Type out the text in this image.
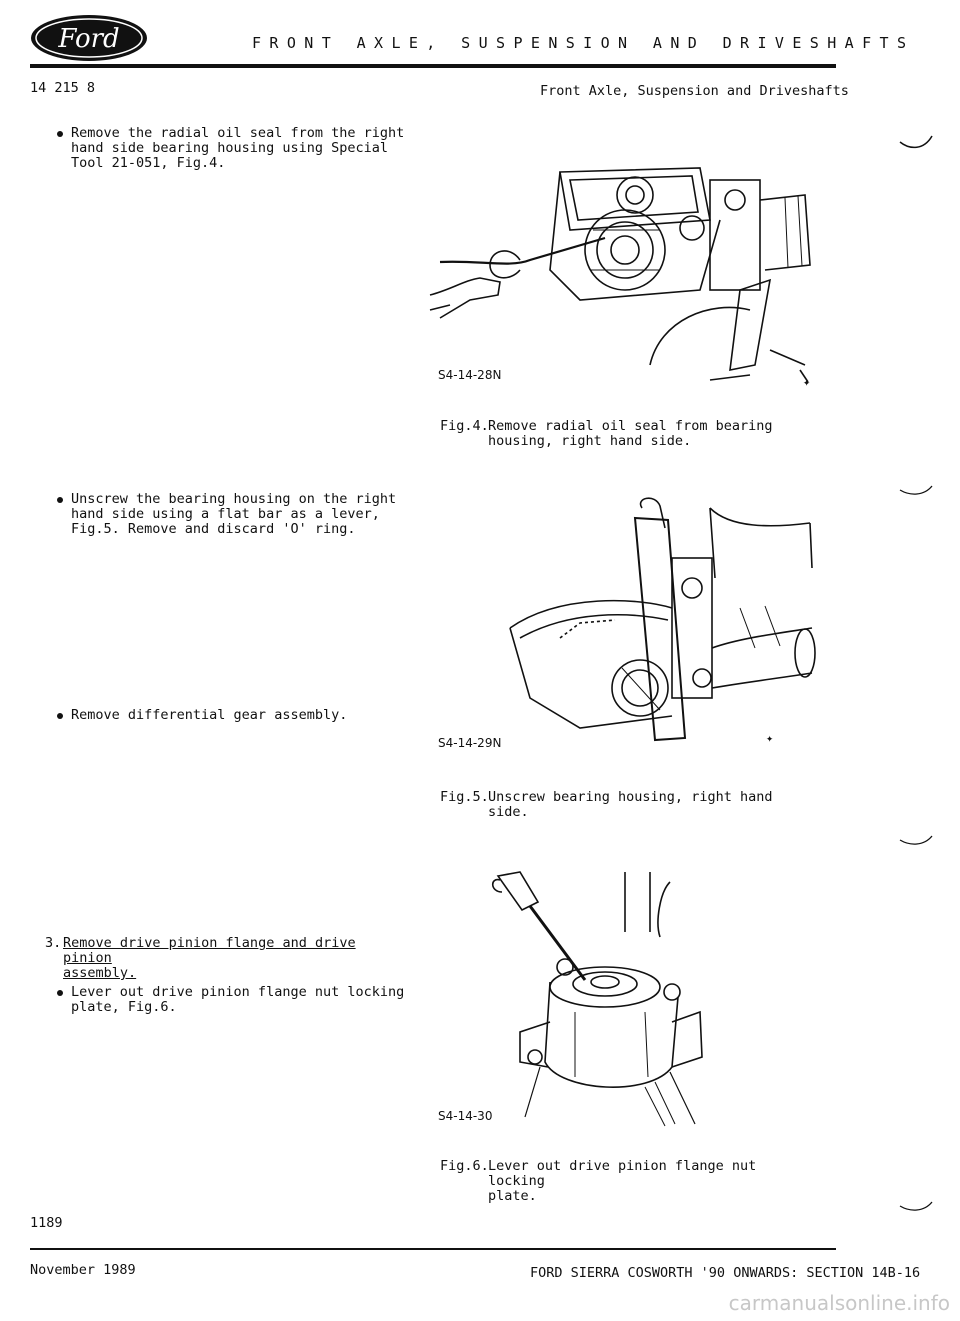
Ford	FRONT AXLE, SUSPENSION AND DRIVESHAFTS
14 215 8	Front Axle, Suspension and Driveshafts

Remove the radial oil seal from the right
hand side bearing housing using Special
Tool 21-051, Fig.4.

Unscrew the bearing housing on the right
hand side using a flat bar as a lever,
Fig.5. Remove and discard 'O' ring.

Remove differential gear assembly.

3. Remove drive pinion flange and drive pinion
assembly.

Lever out drive pinion flange nut locking
plate, Fig.6.

1189
✦
S4-14-28N

Fig.4. Remove radial oil seal from bearing
housing, right hand side.

✦
S4-14-29N

Fig.5. Unscrew bearing housing, right hand side.

S4-14-30

Fig.6. Lever out drive pinion flange nut locking
plate.

November 1989	FORD SIERRA COSWORTH '90 ONWARDS: SECTION 14B-16
carmanualsonline.info
